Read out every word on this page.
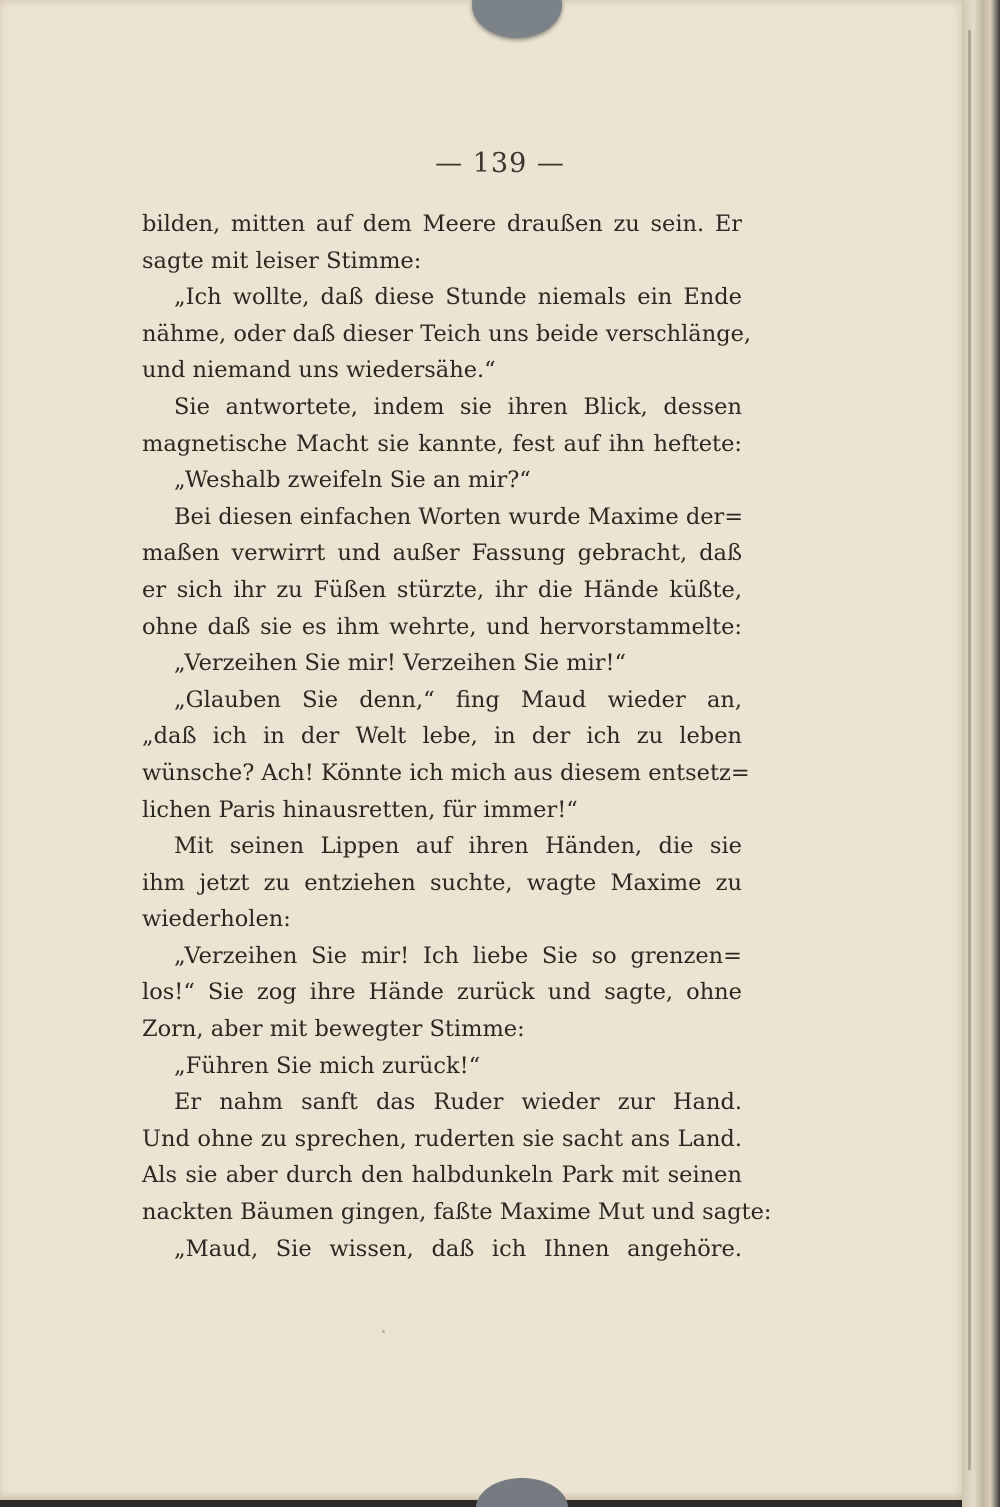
— 139 —
bilden, mitten auf dem Meere draußen zu sein. Er
sagte mit leiser Stimme:
„Ich wollte, daß diese Stunde niemals ein Ende
nähme, oder daß dieser Teich uns beide verschlänge,
und niemand uns wiedersähe.“
Sie antwortete, indem sie ihren Blick, dessen
magnetische Macht sie kannte, fest auf ihn heftete:
„Weshalb zweifeln Sie an mir?“
Bei diesen einfachen Worten wurde Maxime der=
maßen verwirrt und außer Fassung gebracht, daß
er sich ihr zu Füßen stürzte, ihr die Hände küßte,
ohne daß sie es ihm wehrte, und hervorstammelte:
„Verzeihen Sie mir! Verzeihen Sie mir!“
„Glauben Sie denn,“ fing Maud wieder an,
„daß ich in der Welt lebe, in der ich zu leben
wünsche? Ach! Könnte ich mich aus diesem entsetz=
lichen Paris hinausretten, für immer!“
Mit seinen Lippen auf ihren Händen, die sie
ihm jetzt zu entziehen suchte, wagte Maxime zu
wiederholen:
„Verzeihen Sie mir! Ich liebe Sie so grenzen=
los!“ Sie zog ihre Hände zurück und sagte, ohne
Zorn, aber mit bewegter Stimme:
„Führen Sie mich zurück!“
Er nahm sanft das Ruder wieder zur Hand.
Und ohne zu sprechen, ruderten sie sacht ans Land.
Als sie aber durch den halbdunkeln Park mit seinen
nackten Bäumen gingen, faßte Maxime Mut und sagte:
„Maud, Sie wissen, daß ich Ihnen angehöre.
